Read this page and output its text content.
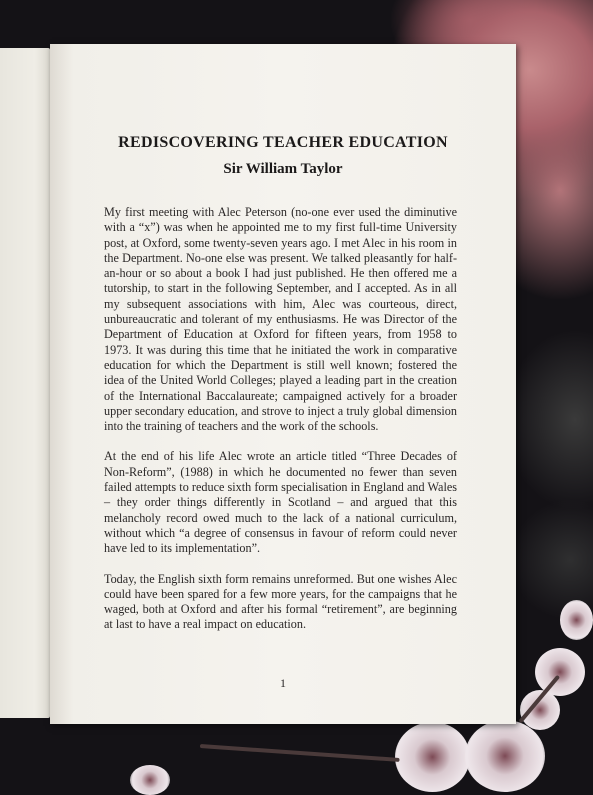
REDISCOVERING TEACHER EDUCATION
Sir William Taylor

My first meeting with Alec Peterson (no-one ever used the diminutive with a “x”) was when he appointed me to my first full-time University post, at Oxford, some twenty-seven years ago. I met Alec in his room in the Department. No-one else was present. We talked pleasantly for half-an-hour or so about a book I had just published. He then offered me a tutorship, to start in the following September, and I accepted. As in all my subsequent associations with him, Alec was courteous, direct, unbureaucratic and tolerant of my enthusiasms. He was Director of the Department of Education at Oxford for fifteen years, from 1958 to 1973. It was during this time that he initiated the work in comparative education for which the Department is still well known; fostered the idea of the United World Colleges; played a leading part in the creation of the International Baccalaureate; campaigned actively for a broader upper secondary education, and strove to inject a truly global dimension into the training of teachers and the work of the schools.

At the end of his life Alec wrote an article titled “Three Decades of Non-Reform”, (1988) in which he documented no fewer than seven failed attempts to reduce sixth form specialisation in England and Wales – they order things differently in Scotland – and argued that this melancholy record owed much to the lack of a national curriculum, without which “a degree of consensus in favour of reform could never have led to its implementation”.

Today, the English sixth form remains unreformed. But one wishes Alec could have been spared for a few more years, for the campaigns that he waged, both at Oxford and after his formal “retirement”, are beginning at last to have a real impact on education.

1
